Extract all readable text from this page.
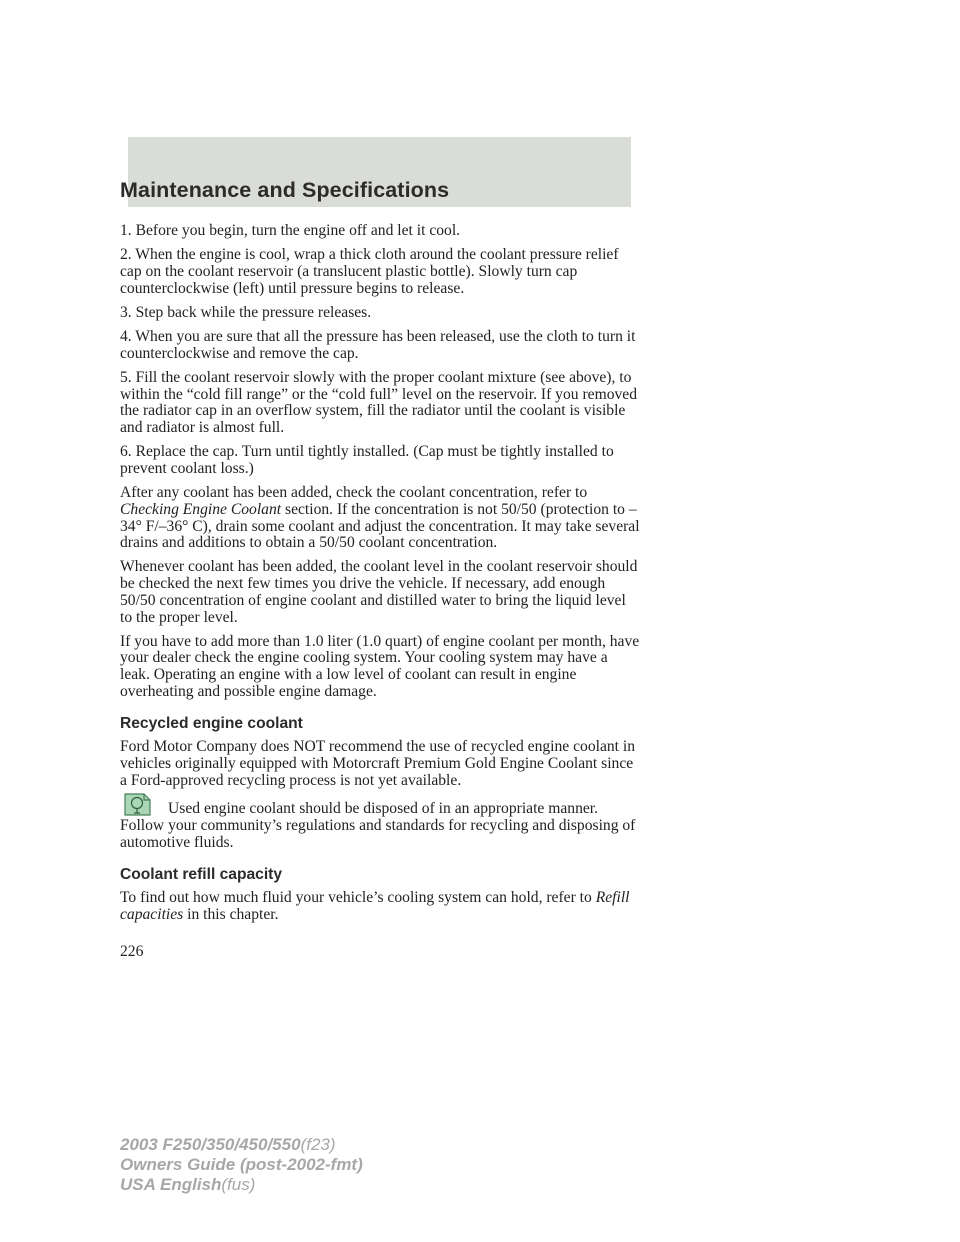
Maintenance and Specifications

1. Before you begin, turn the engine off and let it cool.

2. When the engine is cool, wrap a thick cloth around the coolant pressure relief cap on the coolant reservoir (a translucent plastic bottle). Slowly turn cap counterclockwise (left) until pressure begins to release.

3. Step back while the pressure releases.

4. When you are sure that all the pressure has been released, use the cloth to turn it counterclockwise and remove the cap.

5. Fill the coolant reservoir slowly with the proper coolant mixture (see above), to within the “cold fill range” or the “cold full” level on the reservoir. If you removed the radiator cap in an overflow system, fill the radiator until the coolant is visible and radiator is almost full.

6. Replace the cap. Turn until tightly installed. (Cap must be tightly installed to prevent coolant loss.)

After any coolant has been added, check the coolant concentration, refer to Checking Engine Coolant section. If the concentration is not 50/50 (protection to –34° F/–36° C), drain some coolant and adjust the concentration. It may take several drains and additions to obtain a 50/50 coolant concentration.

Whenever coolant has been added, the coolant level in the coolant reservoir should be checked the next few times you drive the vehicle. If necessary, add enough 50/50 concentration of engine coolant and distilled water to bring the liquid level to the proper level.

If you have to add more than 1.0 liter (1.0 quart) of engine coolant per month, have your dealer check the engine cooling system. Your cooling system may have a leak. Operating an engine with a low level of coolant can result in engine overheating and possible engine damage.

Recycled engine coolant

Ford Motor Company does NOT recommend the use of recycled engine coolant in vehicles originally equipped with Motorcraft Premium Gold Engine Coolant since a Ford-approved recycling process is not yet available.

Used engine coolant should be disposed of in an appropriate manner. Follow your community’s regulations and standards for recycling and disposing of automotive fluids.

Coolant refill capacity

To find out how much fluid your vehicle’s cooling system can hold, refer to Refill capacities in this chapter.

226
2003 F250/350/450/550(f23)
Owners Guide (post-2002-fmt)
USA English(fus)
